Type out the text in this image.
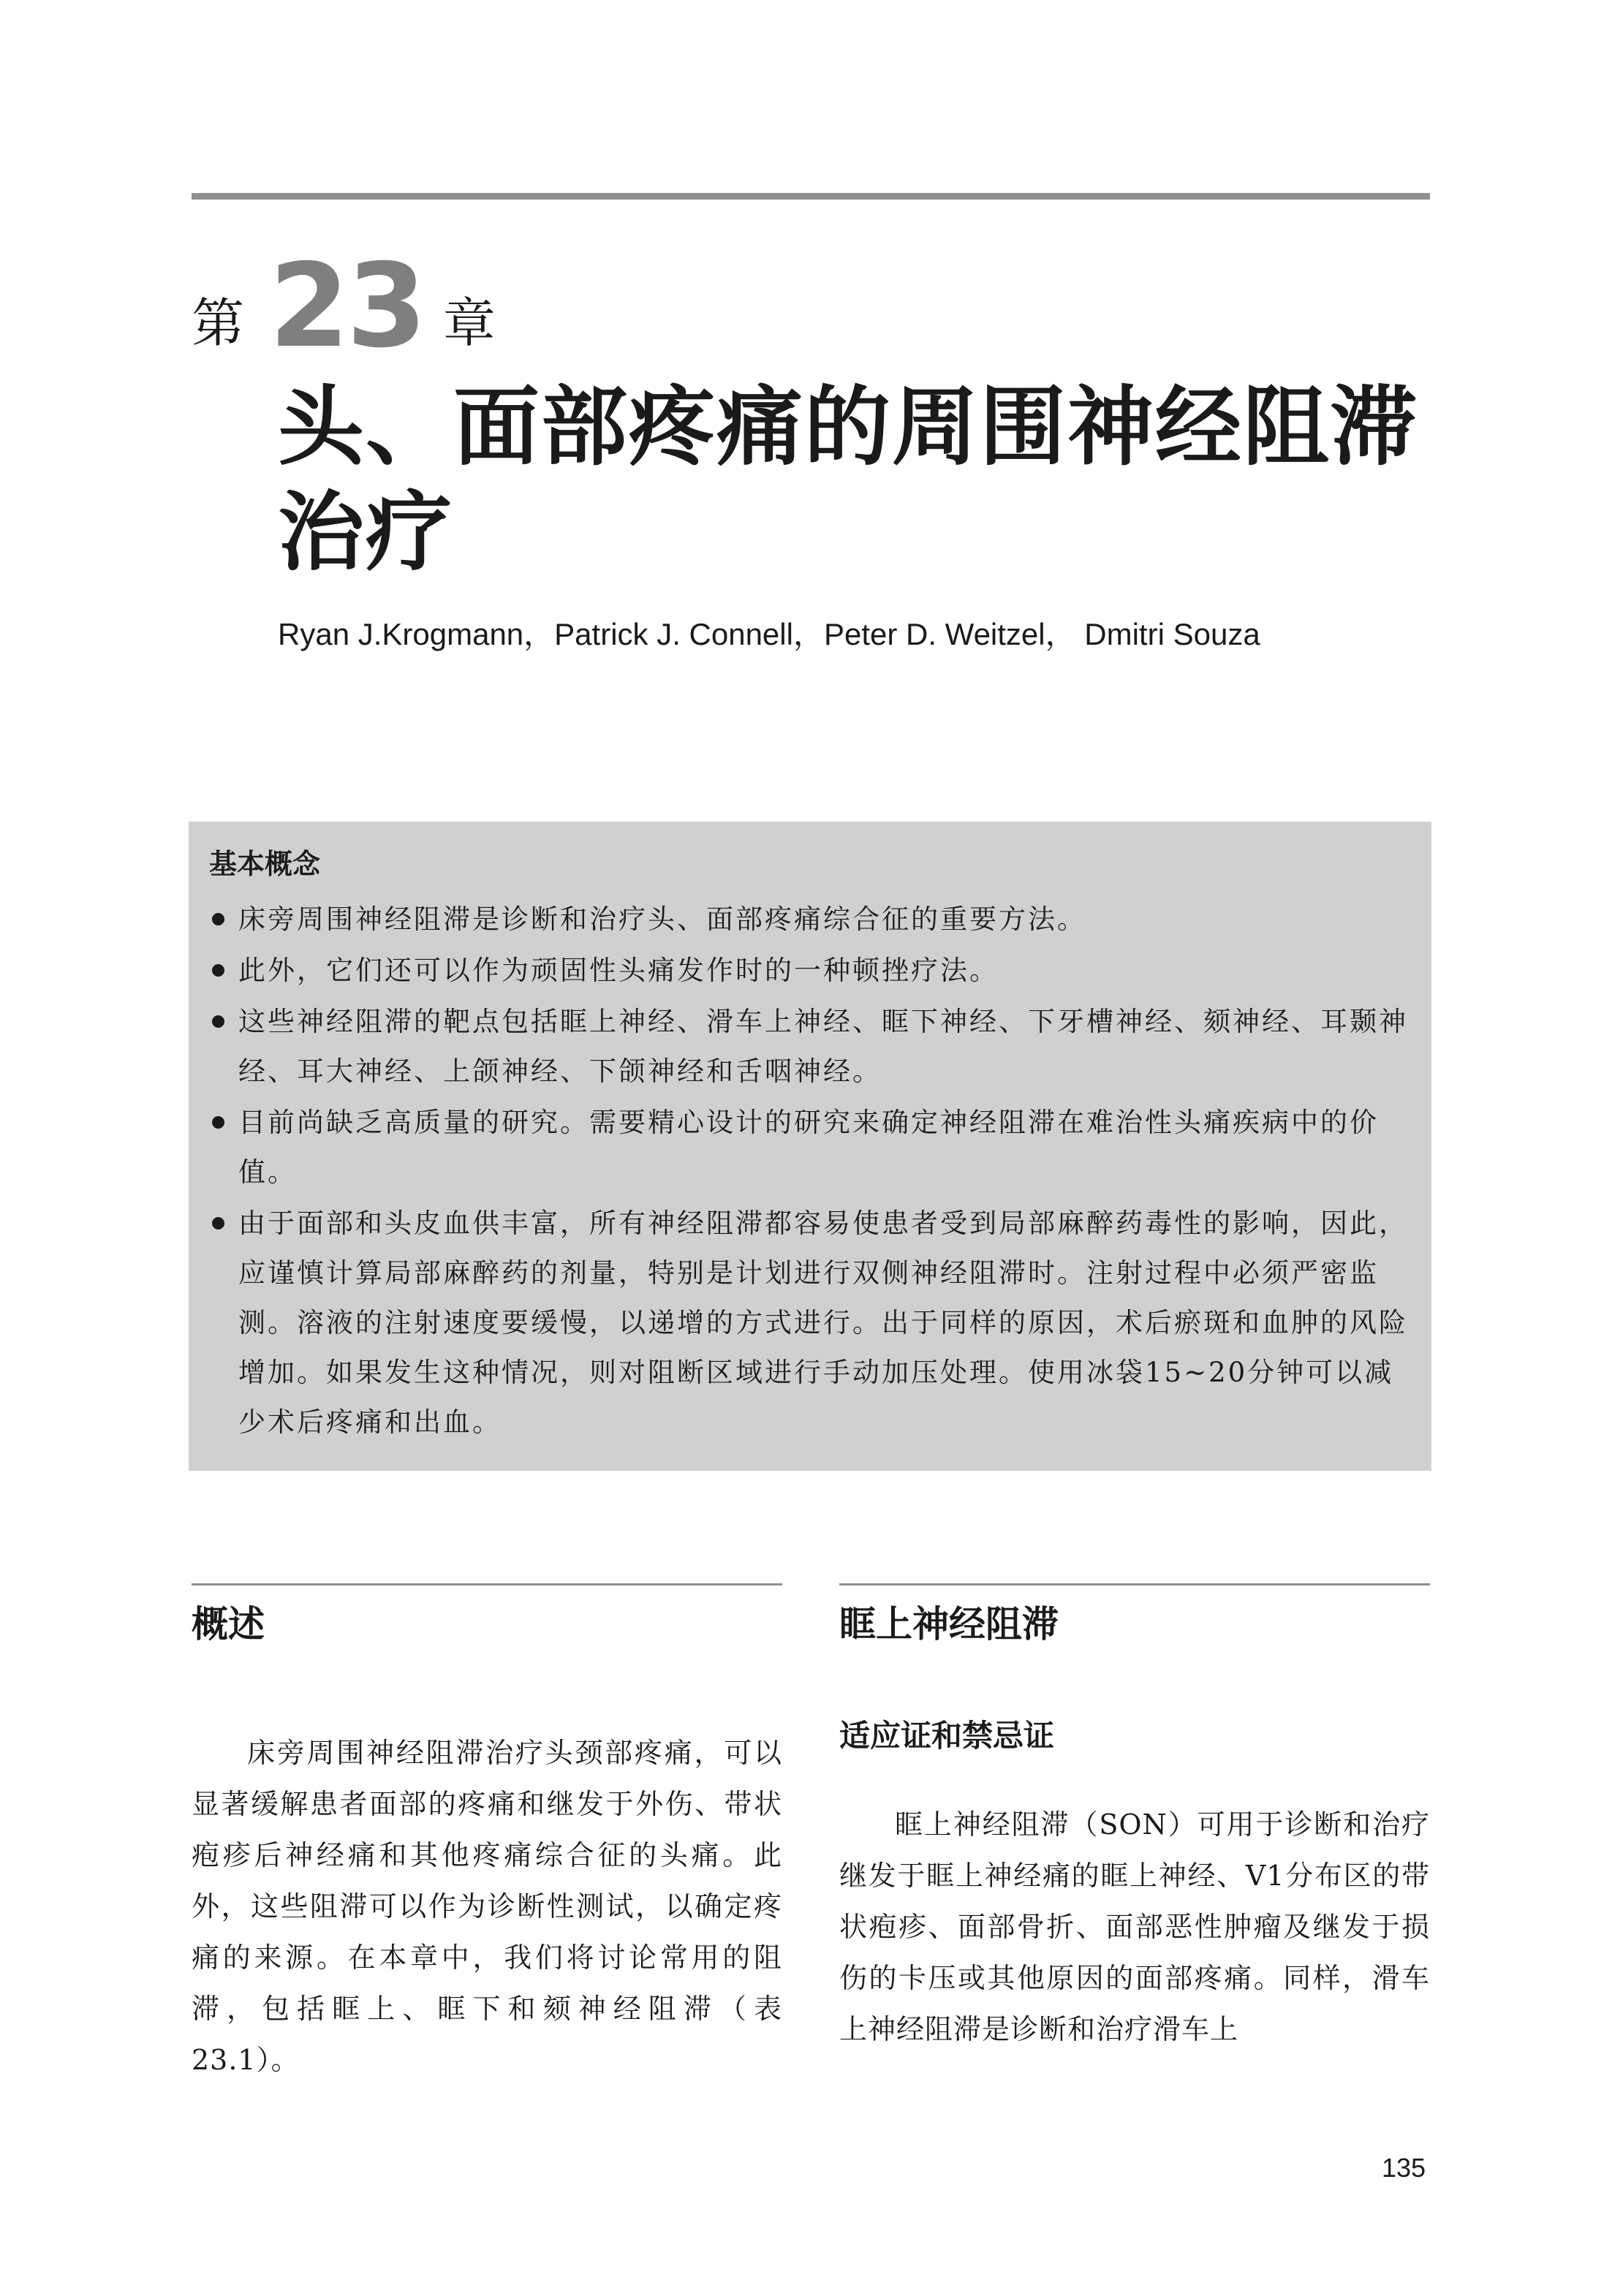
第 23 章
头、面部疼痛的周围神经阻滞治疗
Ryan J.Krogmann，Patrick J. Connell，Peter D. Weitzel， Dmitri Souza
基本概念
床旁周围神经阻滞是诊断和治疗头、面部疼痛综合征的重要方法。
此外，它们还可以作为顽固性头痛发作时的一种顿挫疗法。
这些神经阻滞的靶点包括眶上神经、滑车上神经、眶下神经、下牙槽神经、颏神经、耳颞神经、耳大神经、上颌神经、下颌神经和舌咽神经。
目前尚缺乏高质量的研究。需要精心设计的研究来确定神经阻滞在难治性头痛疾病中的价值。
由于面部和头皮血供丰富，所有神经阻滞都容易使患者受到局部麻醉药毒性的影响，因此，应谨慎计算局部麻醉药的剂量，特别是计划进行双侧神经阻滞时。注射过程中必须严密监测。溶液的注射速度要缓慢，以递增的方式进行。出于同样的原因，术后瘀斑和血肿的风险增加。如果发生这种情况，则对阻断区域进行手动加压处理。使用冰袋15~20分钟可以减少术后疼痛和出血。
概述

床旁周围神经阻滞治疗头颈部疼痛，可以显著缓解患者面部的疼痛和继发于外伤、带状疱疹后神经痛和其他疼痛综合征的头痛。此外，这些阻滞可以作为诊断性测试，以确定疼痛的来源。在本章中，我们将讨论常用的阻滞，包括眶上、眶下和颏神经阻滞（表23.1）。

眶上神经阻滞
适应证和禁忌证

眶上神经阻滞（SON）可用于诊断和治疗继发于眶上神经痛的眶上神经、V1分布区的带状疱疹、面部骨折、面部恶性肿瘤及继发于损伤的卡压或其他原因的面部疼痛。同样，滑车上神经阻滞是诊断和治疗滑车上

135
